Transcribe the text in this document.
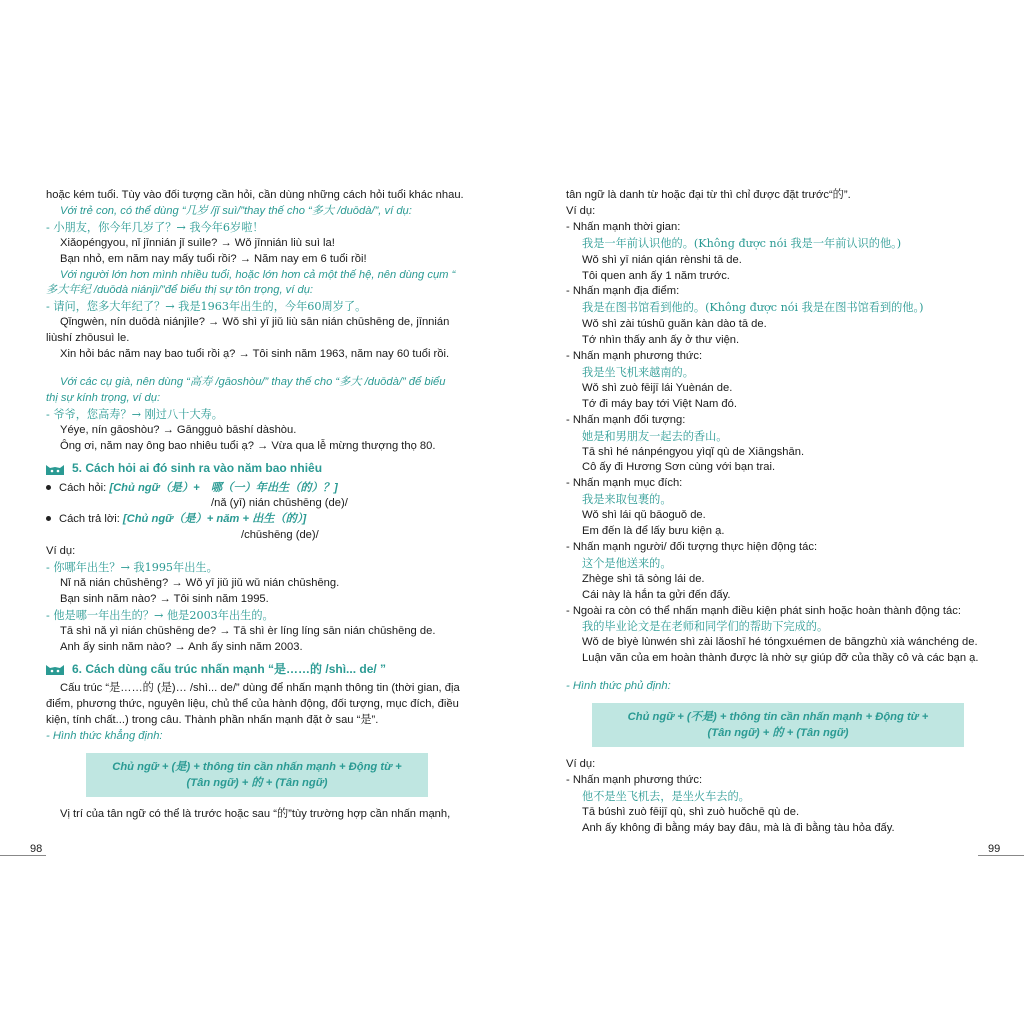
hoặc kém tuổi. Tùy vào đối tượng cần hỏi, cần dùng những cách hỏi tuổi khác nhau.
Với trẻ con, có thể dùng “几岁 /jǐ suì/”thay thế cho “多大 /duōdà/”, ví dụ:
- 小朋友，你今年几岁了？→ 我今年6岁啦！
Xiǎopéngyou, nǐ jīnnián jǐ suìle? → Wǒ jīnnián liù suì la!
Bạn nhỏ, em năm nay mấy tuổi rồi? → Năm nay em 6 tuổi rồi!
Với người lớn hơn mình nhiều tuổi, hoặc lớn hơn cả một thế hệ, nên dùng cụm “
多大年纪 /duōdà niánjì/”để biểu thị sự tôn trọng, ví dụ:
- 请问，您多大年纪了？→ 我是1963年出生的，今年60周岁了。
Qǐngwèn, nín duōdà niánjìle? → Wǒ shì yī jiǔ liù sān nián chūshēng de, jīnnián
liùshí zhōusuì le.
Xin hỏi bác năm nay bao tuổi rồi ạ? → Tôi sinh năm 1963, năm nay 60 tuổi rồi.
Với các cụ già, nên dùng “高寿 /gāoshòu/” thay thế cho “多大 /duōdà/” để biểu
thị sự kính trọng, ví dụ:
- 爷爷，您高寿？→ 刚过八十大寿。
Yéye, nín gāoshòu? → Gāngguò bāshí dàshòu.
Ông ơi, năm nay ông bao nhiêu tuổi ạ? → Vừa qua lễ mừng thượng thọ 80.
5. Cách hỏi ai đó sinh ra vào năm bao nhiêu
Cách hỏi: [Chủ ngữ（是）+　哪（一）年出生（的）？]
/nǎ (yī) nián chūshēng (de)/
Cách trả lời: [Chủ ngữ（是）+ năm + 出生（的）]
/chūshēng (de)/
Ví dụ:
- 你哪年出生？→ 我1995年出生。
Nǐ nǎ nián chūshēng? → Wǒ yī jiǔ jiǔ wǔ nián chūshēng.
Bạn sinh năm nào? → Tôi sinh năm 1995.
- 他是哪一年出生的？→ 他是2003年出生的。
Tā shì nǎ yì nián chūshēng de? → Tā shì èr líng líng sān nián chūshēng de.
Anh ấy sinh năm nào? → Anh ấy sinh năm 2003.
6. Cách dùng cấu trúc nhấn mạnh “是……的 /shì... de/ ”
Cấu trúc “是……的 (是)… /shì... de/” dùng để nhấn mạnh thông tin (thời gian, địa
điểm, phương thức, nguyên liệu, chủ thể của hành động, đối tượng, mục đích, điều
kiện, tính chất...) trong câu. Thành phần nhấn mạnh đặt ở sau “是”.
- Hình thức khẳng định:
Chủ ngữ + (是) + thông tin cần nhấn mạnh + Động từ +
(Tân ngữ) + 的 + (Tân ngữ)
Vị trí của tân ngữ có thể là trước hoặc sau “的”tùy trường hợp cần nhấn mạnh,
tân ngữ là danh từ hoặc đại từ thì chỉ được đặt trước“的”.
Ví dụ:
- Nhấn mạnh thời gian:
我是一年前认识他的。(Không được nói 我是一年前认识的他。)
Wǒ shì yī nián qián rènshi tā de.
Tôi quen anh ấy 1 năm trước.
- Nhấn mạnh địa điểm:
我是在图书馆看到他的。(Không được nói 我是在图书馆看到的他。)
Wǒ shì zài túshū guǎn kàn dào tā de.
Tớ nhìn thấy anh ấy ở thư viện.
- Nhấn mạnh phương thức:
我是坐飞机来越南的。
Wǒ shì zuò fēijī lái Yuènán de.
Tớ đi máy bay tới Việt Nam đó.
- Nhấn mạnh đối tượng:
她是和男朋友一起去的香山。
Tā shì hé nánpéngyou yìqǐ qù de Xiāngshān.
Cô ấy đi Hương Sơn cùng với bạn trai.
- Nhấn mạnh mục đích:
我是来取包裹的。
Wǒ shì lái qǔ bāoguǒ de.
Em đến là để lấy bưu kiện ạ.
- Nhấn mạnh người/ đối tượng thực hiện động tác:
这个是他送来的。
Zhège shì tā sòng lái de.
Cái này là hắn ta gửi đến đấy.
- Ngoài ra còn có thể nhấn mạnh điều kiện phát sinh hoặc hoàn thành động tác:
我的毕业论文是在老师和同学们的帮助下完成的。
Wǒ de bìyè lùnwén shì zài lǎoshī hé tóngxuémen de bāngzhù xià wánchéng de.
Luận văn của em hoàn thành được là nhờ sự giúp đỡ của thầy cô và các bạn ạ.
- Hình thức phủ định:
Chủ ngữ + (不是) + thông tin cần nhấn mạnh + Động từ +
(Tân ngữ) + 的 + (Tân ngữ)
Ví dụ:
- Nhấn mạnh phương thức:
他不是坐飞机去，是坐火车去的。
Tā búshì zuò fēijī qù, shì zuò huǒchē qù de.
Anh ấy không đi bằng máy bay đâu, mà là đi bằng tàu hỏa đấy.
98	99
